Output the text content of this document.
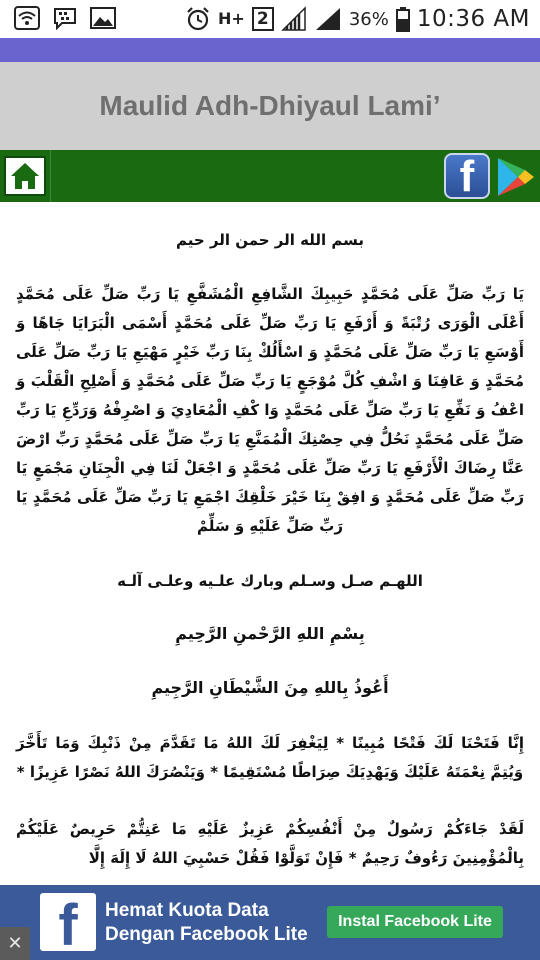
H+ 2	36% 10:36 AM
Maulid Adh-Dhiyaul Lami’
f

بسم الله الر حمن الر حيم

يَا رَبِّ صَلِّ عَلَى مُحَمَّدٍ حَبِيبِكَ الشَّافِعِ الْمُشَفَّعِ يَا رَبِّ صَلِّ عَلَى مُحَمَّدٍ أَعْلَى الْوَرَى رُتْبَةً وَ أَرْفَعِ يَا رَبِّ صَلِّ عَلَى مُحَمَّدٍ أَسْمَى الْبَرَايَا جَاهًا وَ أَوْسَعِ يَا رَبِّ صَلِّ عَلَى مُحَمَّدٍ وَ اسْأَلُكْ بِنَا رَبِّ خَيْرٍ مَهْيَعِ يَا رَبِّ صَلِّ عَلَى مُحَمَّدٍ وَ عَافِنَا وَ اشْفِ كُلَّ مُوْجَعٍ يَا رَبِّ صَلِّ عَلَى مُحَمَّدٍ وَ أَصْلِحِ الْقَلْبَ وَ اعْفُ وَ نَفِّعِ يَا رَبِّ صَلِّ عَلَى مُحَمَّدٍ وَا كْفِ الْمُعَادِيَ وَ اصْرِفْهُ وَرَدِّعِ يَا رَبِّ صَلِّ عَلَى مُحَمَّدٍ نَحُلُّ فِي حِصْنِكَ الْمُمَنَّعِ يَا رَبِّ صَلِّ عَلَى مُحَمَّدٍ رَبِّ ارْضَ عَنَّا رِضَاكَ الْأَرْفَعِ يَا رَبِّ صَلِّ عَلَى مُحَمَّدٍ وَ اجْعَلْ لَنَا فِي الْجِنَانِ مَجْمَعٍ يَا رَبِّ صَلِّ عَلَى مُحَمَّدٍ وَ افِقْ بِنَا خَيْرَ خَلْقِكَ اجْمَعِ يَا رَبِّ صَلِّ عَلَى مُحَمَّدٍ يَا رَبِّ صَلِّ عَلَيْهِ وَ سَلِّمْ

اللهـم صـل وسـلم وبارك علـيه وعلـى آلـه

بِسْمِ اللهِ الرَّحْمنِ الرَّحِيمِ

أَعُوذُ بِاللهِ مِنَ الشَّيْطَانِ الرَّجِيمِ

إِنَّا فَتَحْنَا لَكَ فَتْحًا مُبِينًا * لِيَغْفِرَ لَكَ اللهُ مَا تَقَدَّمَ مِنْ ذَنْبِكَ وَمَا تَأَخَّرَ وَيُتِمَّ نِعْمَتَهُ عَلَيْكَ وَيَهْدِيَكَ صِرَاطًا مُسْتَقِيمًا * وَيَنْصُرَكَ اللهُ نَصْرًا عَزِيزًا *

لَقَدْ جَاءَكُمْ رَسُولٌ مِنْ أَنْفُسِكُمْ عَزِيزٌ عَلَيْهِ مَا عَنِتُّمْ حَرِيصٌ عَلَيْكُمْ بِالْمُؤْمِنِينَ رَءُوفٌ رَحِيمٌ * فَإِنْ تَوَلَّوْا فَقُلْ حَسْبِيَ اللهُ لَا إِلَهَ إِلَّا

f Hemat Kuota Data
Dengan Facebook Lite
Instal Facebook Lite
✕
